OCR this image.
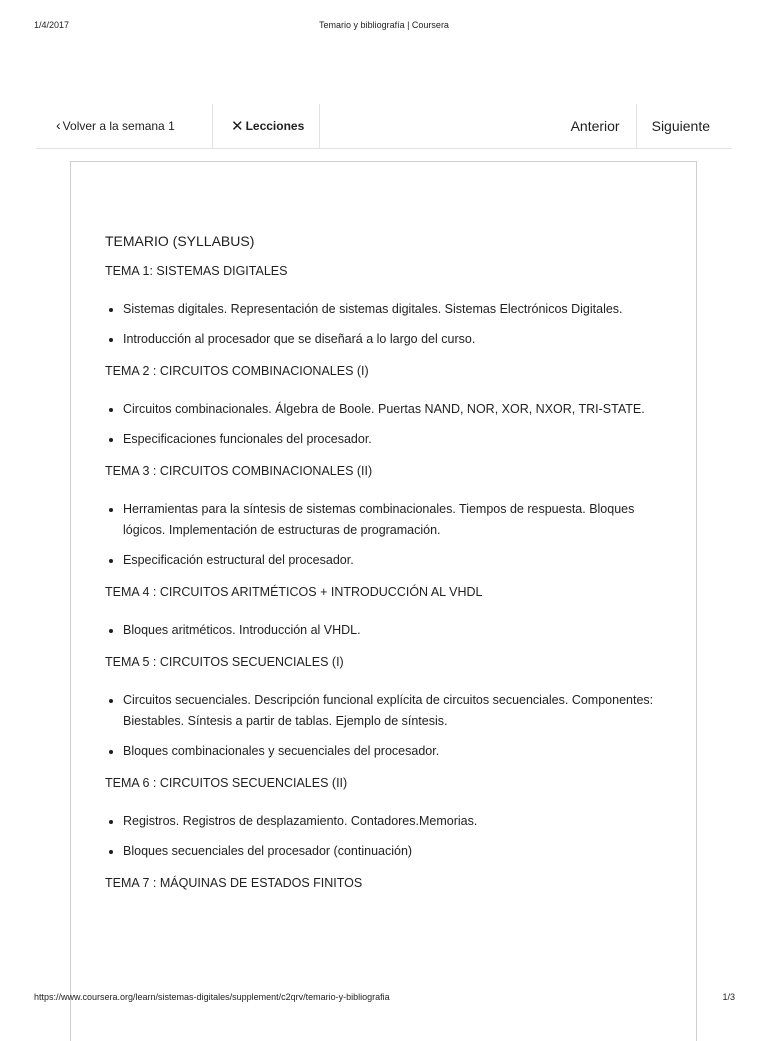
1/4/2017	Temario y bibliografía | Coursera
‹ Volver a la semana 1	✕ Lecciones	Anterior	Siguiente
TEMARIO (SYLLABUS)

TEMA 1: SISTEMAS DIGITALES

• Sistemas digitales. Representación de sistemas digitales. Sistemas Electrónicos Digitales.
• Introducción al procesador que se diseñará a lo largo del curso.

TEMA 2 : CIRCUITOS COMBINACIONALES (I)

• Circuitos combinacionales. Álgebra de Boole. Puertas NAND, NOR, XOR, NXOR, TRI-STATE.
• Especificaciones funcionales del procesador.

TEMA 3 : CIRCUITOS COMBINACIONALES (II)

• Herramientas para la síntesis de sistemas combinacionales. Tiempos de respuesta. Bloques lógicos. Implementación de estructuras de programación.
• Especificación estructural del procesador.

TEMA 4 : CIRCUITOS ARITMÉTICOS + INTRODUCCIÓN AL VHDL

• Bloques aritméticos. Introducción al VHDL.

TEMA 5 : CIRCUITOS SECUENCIALES (I)

• Circuitos secuenciales. Descripción funcional explícita de circuitos secuenciales. Componentes: Biestables. Síntesis a partir de tablas. Ejemplo de síntesis.
• Bloques combinacionales y secuenciales del procesador.

TEMA 6 : CIRCUITOS SECUENCIALES (II)

• Registros. Registros de desplazamiento. Contadores.Memorias.
• Bloques secuenciales del procesador (continuación)

TEMA 7 : MÁQUINAS DE ESTADOS FINITOS

https://www.coursera.org/learn/sistemas-digitales/supplement/c2qrv/temario-y-bibliografia	1/3
